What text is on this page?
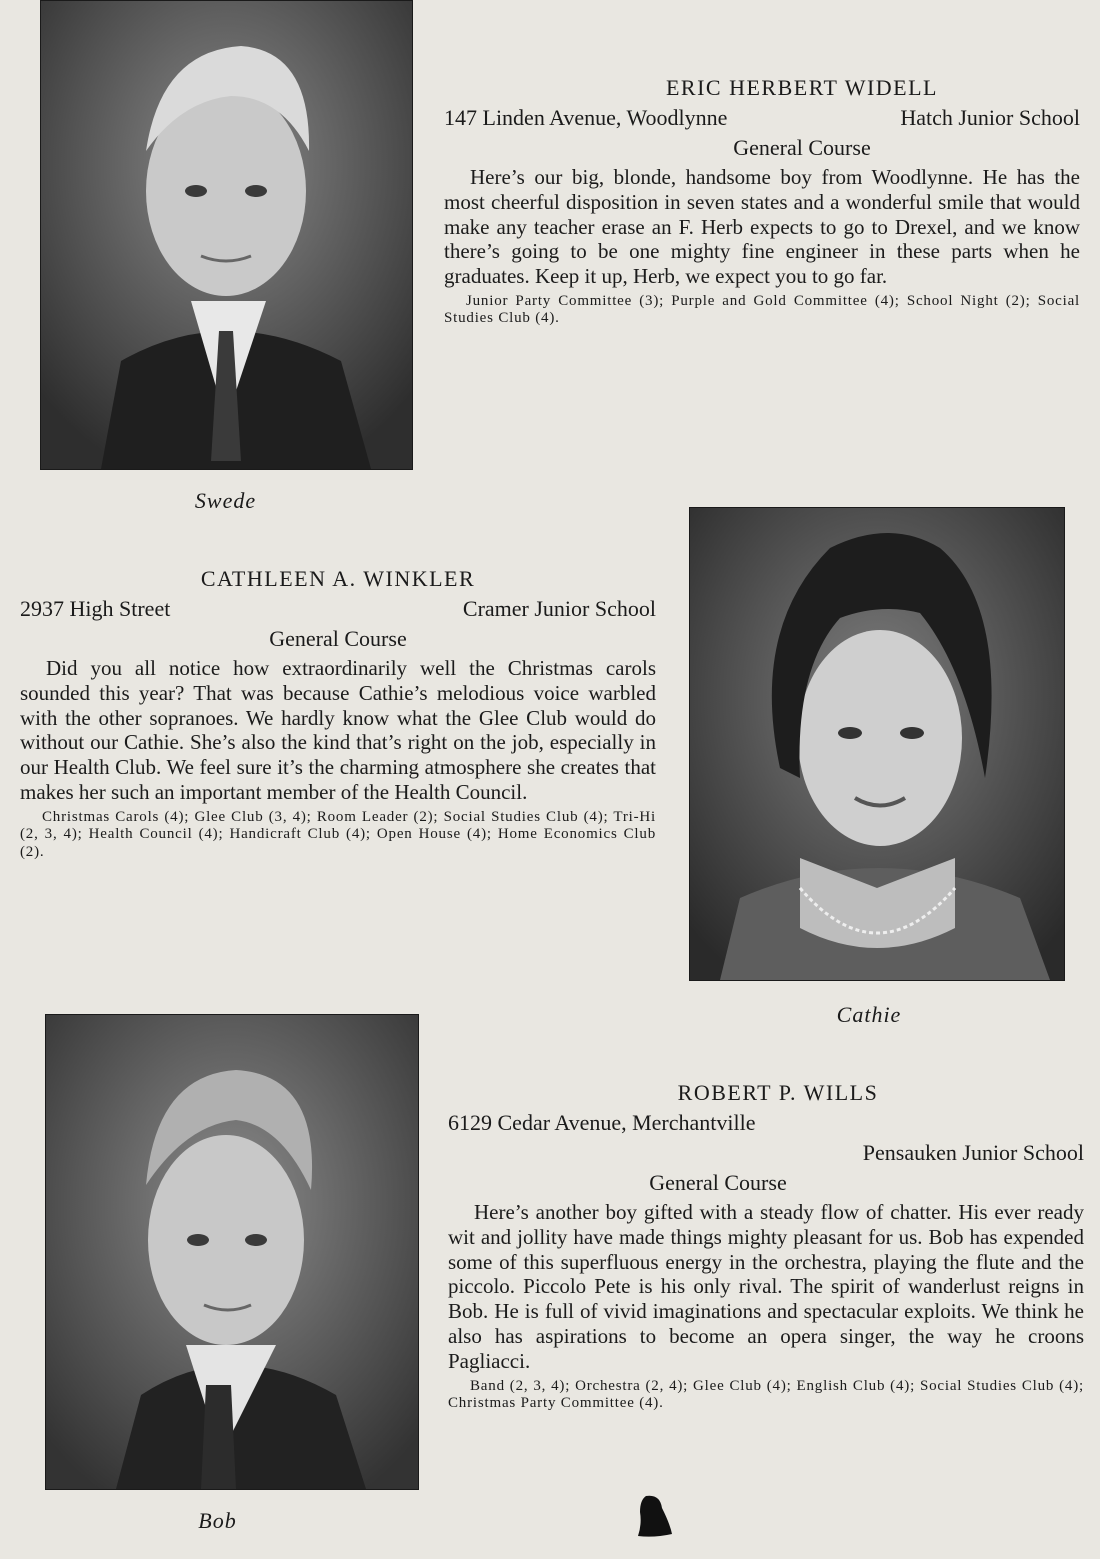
Swede
ERIC HERBERT WIDELL
147 Linden Avenue, Woodlynne	Hatch Junior School
General Course

Here’s our big, blonde, handsome boy from Woodlynne. He has the most cheerful disposition in seven states and a wonderful smile that would make any teacher erase an F. Herb expects to go to Drexel, and we know there’s going to be one mighty fine engineer in these parts when he graduates. Keep it up, Herb, we expect you to go far.

Junior Party Committee (3); Purple and Gold Committee (4); School Night (2); Social Studies Club (4).

CATHLEEN A. WINKLER
2937 High Street	Cramer Junior School
General Course

Did you all notice how extraordinarily well the Christmas carols sounded this year? That was because Cathie’s melodious voice warbled with the other sopranoes. We hardly know what the Glee Club would do without our Cathie. She’s also the kind that’s right on the job, especially in our Health Club. We feel sure it’s the charming atmosphere she creates that makes her such an important member of the Health Council.

Christmas Carols (4); Glee Club (3, 4); Room Leader (2); Social Studies Club (4); Tri-Hi (2, 3, 4); Health Council (4); Handicraft Club (4); Open House (4); Home Economics Club (2).

Cathie
Bob
ROBERT P. WILLS
6129 Cedar Avenue, Merchantville
Pensauken Junior School
General Course

Here’s another boy gifted with a steady flow of chatter. His ever ready wit and jollity have made things mighty pleasant for us. Bob has expended some of this superfluous energy in the orchestra, playing the flute and the piccolo. Piccolo Pete is his only rival. The spirit of wanderlust reigns in Bob. He is full of vivid imaginations and spectacular exploits. We think he also has aspirations to become an opera singer, the way he croons Pagliacci.

Band (2, 3, 4); Orchestra (2, 4); Glee Club (4); English Club (4); Social Studies Club (4); Christmas Party Committee (4).
